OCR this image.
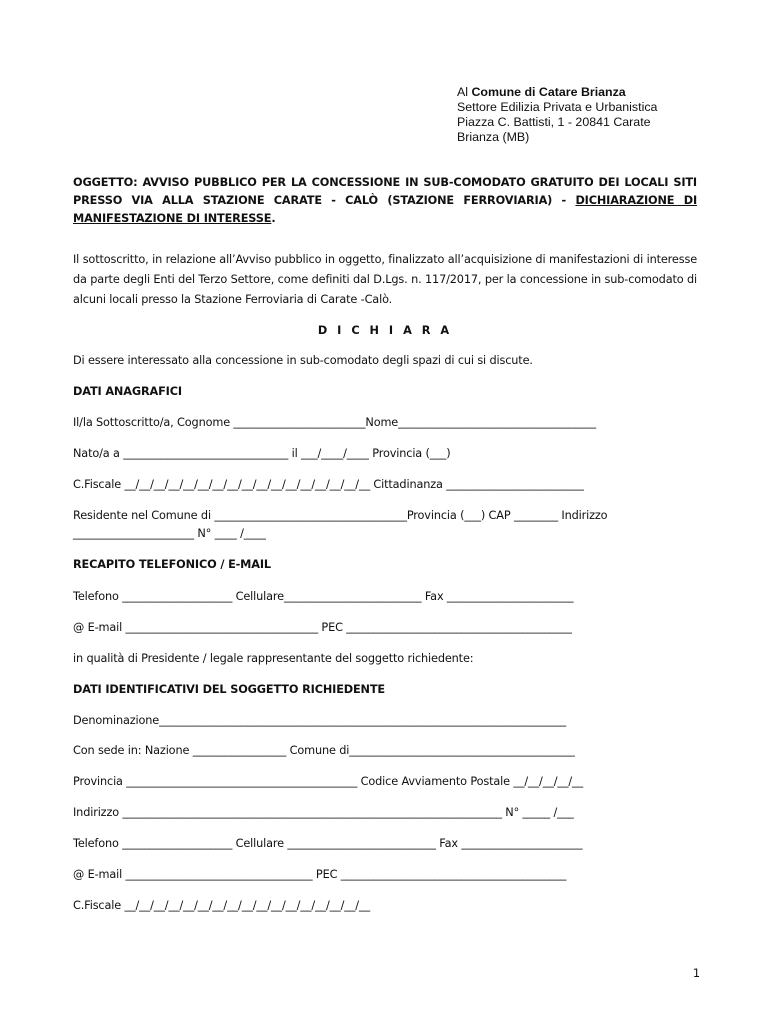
Al Comune di Catare Brianza
Settore Edilizia Privata e Urbanistica
Piazza C. Battisti, 1 - 20841 Carate
Brianza (MB)
OGGETTO: AVVISO PUBBLICO PER LA CONCESSIONE IN SUB-COMODATO GRATUITO DEI LOCALI SITI PRESSO VIA ALLA STAZIONE CARATE - CALÒ (STAZIONE FERROVIARIA) - DICHIARAZIONE DI MANIFESTAZIONE DI INTERESSE.
Il sottoscritto, in relazione all’Avviso pubblico in oggetto, finalizzato all’acquisizione di manifestazioni di interesse da parte degli Enti del Terzo Settore, come definiti dal D.Lgs. n. 117/2017, per la concessione in sub-comodato di alcuni locali presso la Stazione Ferroviaria di Carate -Calò.
D I C H I A R A
Di essere interessato alla concessione in sub-comodato degli spazi di cui si discute.
DATI ANAGRAFICI
Il/la Sottoscritto/a, Cognome ________________________Nome____________________________________
Nato/a a ______________________________ il ___/____/____ Provincia (___)
C.Fiscale __/__/__/__/__/__/__/__/__/__/__/__/__/__/__/__/__ Cittadinanza _________________________
Residente nel Comune di ___________________________________Provincia (___) CAP ________ Indirizzo
______________________ N° ____ /____
RECAPITO TELEFONICO / E-MAIL
Telefono ____________________ Cellulare_________________________ Fax _______________________
@ E-mail ___________________________________ PEC _________________________________________
in qualità di Presidente / legale rappresentante del soggetto richiedente:
DATI IDENTIFICATIVI DEL SOGGETTO RICHIEDENTE
Denominazione__________________________________________________________________________
Con sede in: Nazione _________________ Comune di_________________________________________
Provincia __________________________________________ Codice Avviamento Postale __/__/__/__/__
Indirizzo _____________________________________________________________________ N° _____ /___
Telefono ____________________ Cellulare ___________________________ Fax ______________________
@ E-mail __________________________________ PEC _________________________________________
C.Fiscale __/__/__/__/__/__/__/__/__/__/__/__/__/__/__/__/__
1
